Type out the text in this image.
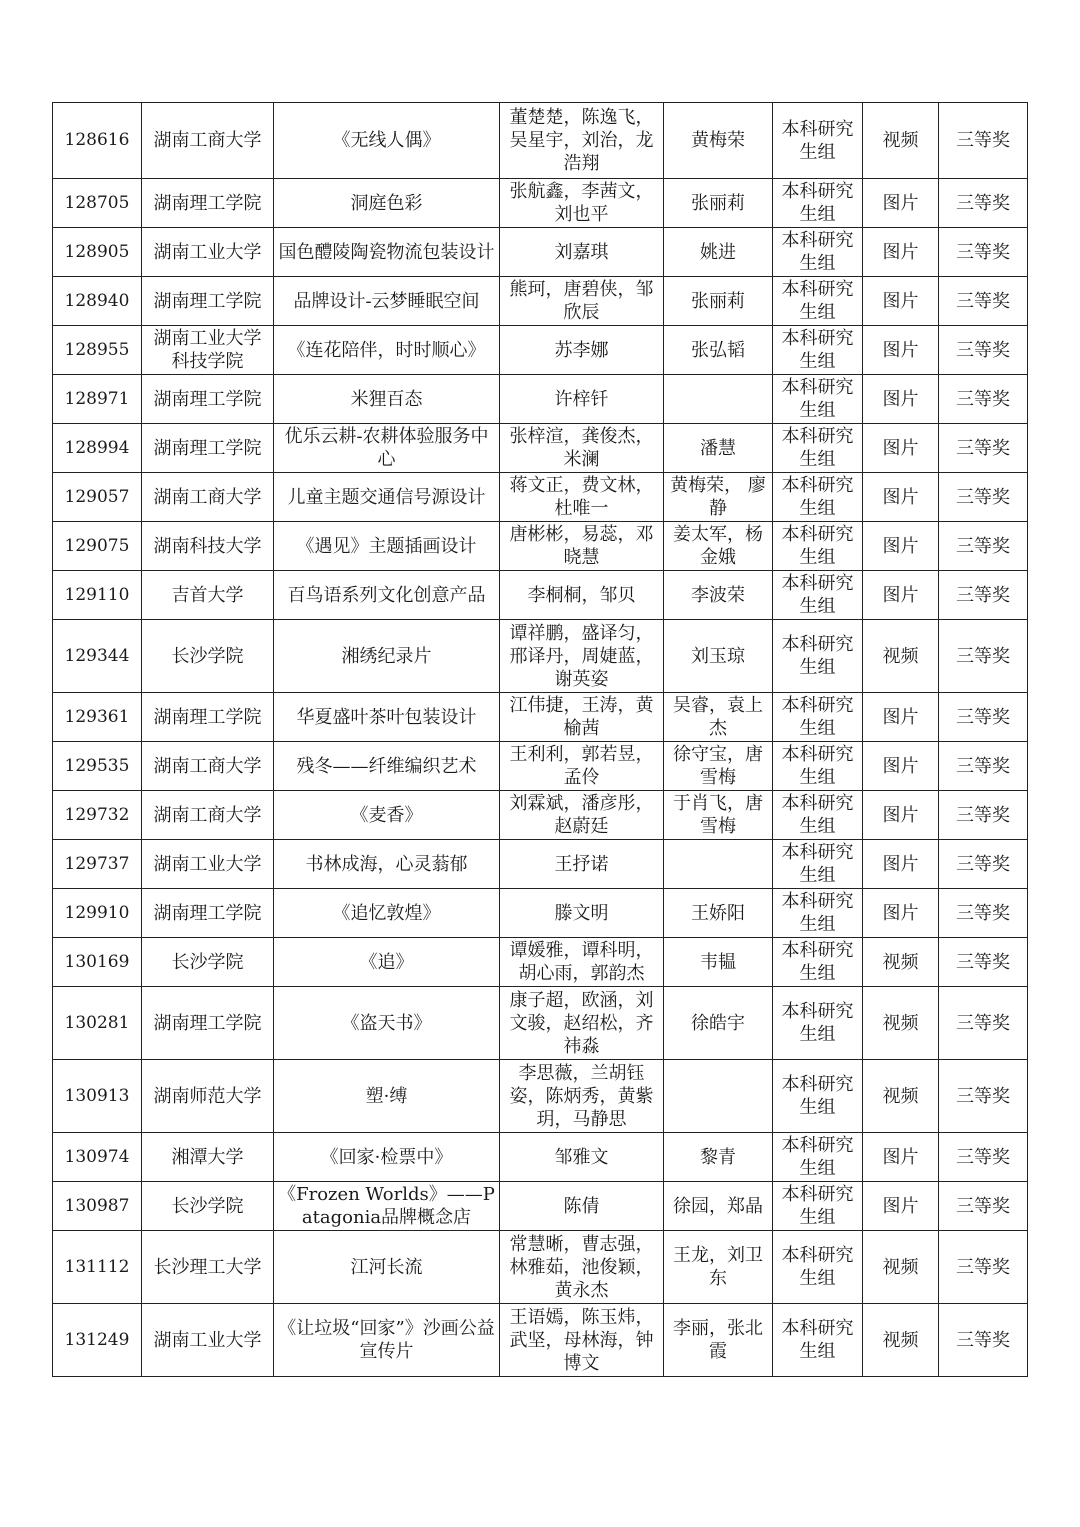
128616	湖南工商大学	《无线人偶》	董楚楚，陈逸飞，吴星宇，刘治，龙浩翔	黄梅荣	本科研究生组	视频	三等奖
128705	湖南理工学院	洞庭色彩	张航鑫，李茜文，刘也平	张丽莉	本科研究生组	图片	三等奖
128905	湖南工业大学	国色醴陵陶瓷物流包装设计	刘嘉琪	姚进	本科研究生组	图片	三等奖
128940	湖南理工学院	品牌设计-云梦睡眠空间	熊珂，唐碧侠，邹欣辰	张丽莉	本科研究生组	图片	三等奖
128955	湖南工业大学科技学院	《连花陪伴，时时顺心》	苏李娜	张弘韬	本科研究生组	图片	三等奖
128971	湖南理工学院	米狸百态	许梓钎		本科研究生组	图片	三等奖
128994	湖南理工学院	优乐云耕-农耕体验服务中心	张梓渲，龚俊杰，米澜	潘慧	本科研究生组	图片	三等奖
129057	湖南工商大学	儿童主题交通信号源设计	蒋文正，费文林，杜唯一	黄梅荣， 廖静	本科研究生组	图片	三等奖
129075	湖南科技大学	《遇见》主题插画设计	唐彬彬，易蕊，邓晓慧	姜太军，杨金娥	本科研究生组	图片	三等奖
129110	吉首大学	百鸟语系列文化创意产品	李桐桐，邹贝	李波荣	本科研究生组	图片	三等奖
129344	长沙学院	湘绣纪录片	谭祥鹏，盛译匀，邢译丹，周婕蓝，谢英姿	刘玉琼	本科研究生组	视频	三等奖
129361	湖南理工学院	华夏盛叶茶叶包装设计	江伟捷，王涛，黄榆茜	吴睿，袁上杰	本科研究生组	图片	三等奖
129535	湖南工商大学	残冬——纤维编织艺术	王利利，郭若昱，孟伶	徐守宝，唐雪梅	本科研究生组	图片	三等奖
129732	湖南工商大学	《麦香》	刘霖斌，潘彦彤，赵蔚廷	于肖飞，唐雪梅	本科研究生组	图片	三等奖
129737	湖南工业大学	书林成海，心灵蓊郁	王抒诺		本科研究生组	图片	三等奖
129910	湖南理工学院	《追忆敦煌》	滕文明	王娇阳	本科研究生组	图片	三等奖
130169	长沙学院	《追》	谭媛雅，谭科明，胡心雨，郭韵杰	韦韫	本科研究生组	视频	三等奖
130281	湖南理工学院	《盗天书》	康子超，欧涵，刘文骏，赵绍松，齐祎淼	徐皓宇	本科研究生组	视频	三等奖
130913	湖南师范大学	塑·缚	李思薇，兰胡钰姿，陈炳秀，黄紫玥，马静思		本科研究生组	视频	三等奖
130974	湘潭大学	《回家·检票中》	邹雅文	黎青	本科研究生组	图片	三等奖
130987	长沙学院	《Frozen Worlds》——Patagonia品牌概念店	陈倩	徐园，郑晶	本科研究生组	图片	三等奖
131112	长沙理工大学	江河长流	常慧晰，曹志强，林雅茹，池俊颖，黄永杰	王龙，刘卫东	本科研究生组	视频	三等奖
131249	湖南工业大学	《让垃圾“回家”》沙画公益宣传片	王语嫣，陈玉炜，武坚，母林海，钟博文	李丽，张北霞	本科研究生组	视频	三等奖
